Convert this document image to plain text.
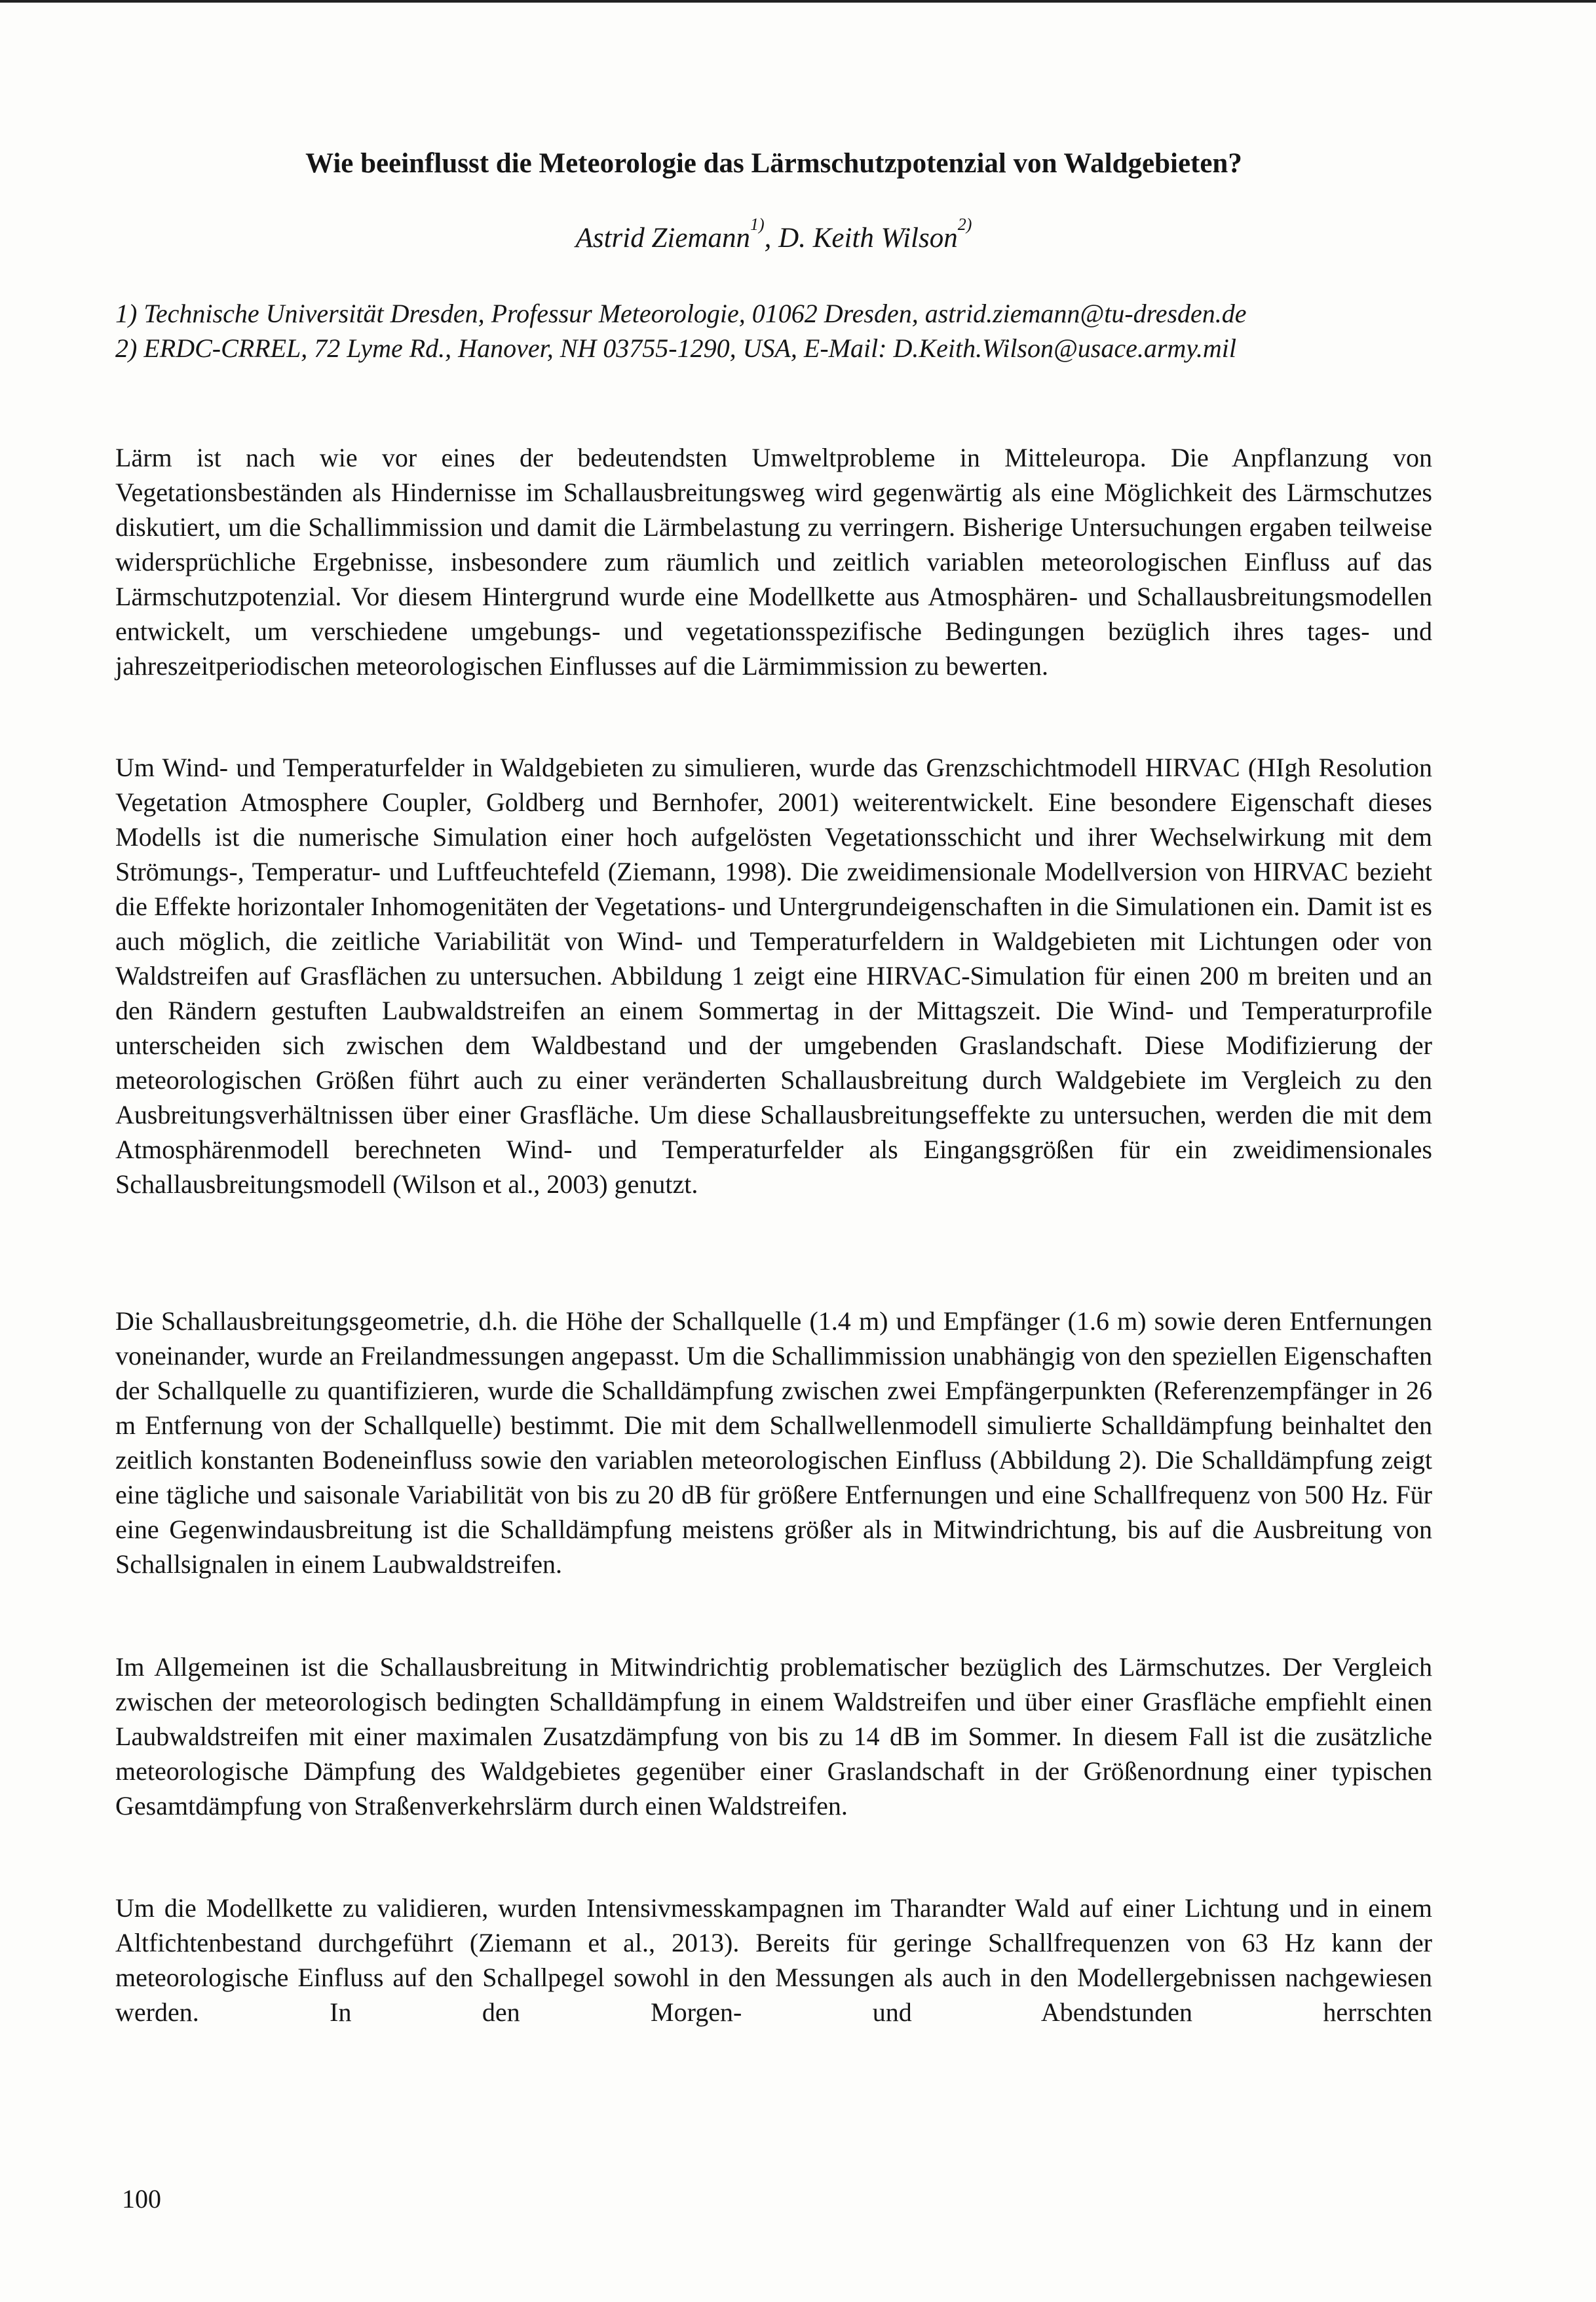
Wie beeinflusst die Meteorologie das Lärmschutzpotenzial von Waldgebieten?
Astrid Ziemann$^{1)}$, D. Keith Wilson$^{2)}$
1) Technische Universität Dresden, Professur Meteorologie, 01062 Dresden, astrid.ziemann@tu-dresden.de
2) ERDC-CRREL, 72 Lyme Rd., Hanover, NH 03755-1290, USA, E-Mail: D.Keith.Wilson@usace.army.mil

Lärm ist nach wie vor eines der bedeutendsten Umweltprobleme in Mitteleuropa. Die Anpflanzung von Vegetationsbeständen als Hindernisse im Schallausbreitungsweg wird gegenwärtig als eine Möglichkeit des Lärmschutzes diskutiert, um die Schallimmission und damit die Lärmbelastung zu verringern. Bisherige Untersuchungen ergaben teilweise widersprüchliche Ergebnisse, insbesondere zum räumlich und zeitlich variablen meteorologischen Einfluss auf das Lärmschutzpotenzial. Vor diesem Hintergrund wurde eine Modellkette aus Atmosphären- und Schallausbreitungsmodellen entwickelt, um verschiedene umgebungs- und vegetationsspezifische Bedingungen bezüglich ihres tages- und jahreszeitperiodischen meteorologischen Einflusses auf die Lärmimmission zu bewerten.

Um Wind- und Temperaturfelder in Waldgebieten zu simulieren, wurde das Grenzschichtmodell HIRVAC (HIgh Resolution Vegetation Atmosphere Coupler, Goldberg und Bernhofer, 2001) weiterentwickelt. Eine besondere Eigenschaft dieses Modells ist die numerische Simulation einer hoch aufgelösten Vegetationsschicht und ihrer Wechselwirkung mit dem Strömungs-, Temperatur- und Luftfeuchtefeld (Ziemann, 1998). Die zweidimensionale Modellversion von HIRVAC bezieht die Effekte horizontaler Inhomogenitäten der Vegetations- und Untergrundeigenschaften in die Simulationen ein. Damit ist es auch möglich, die zeitliche Variabilität von Wind- und Temperaturfeldern in Waldgebieten mit Lichtungen oder von Waldstreifen auf Grasflächen zu untersuchen. Abbildung 1 zeigt eine HIRVAC-Simulation für einen 200 m breiten und an den Rändern gestuften Laubwaldstreifen an einem Sommertag in der Mittagszeit. Die Wind- und Temperaturprofile unterscheiden sich zwischen dem Waldbestand und der umgebenden Graslandschaft. Diese Modifizierung der meteorologischen Größen führt auch zu einer veränderten Schallausbreitung durch Waldgebiete im Vergleich zu den Ausbreitungsverhältnissen über einer Grasfläche. Um diese Schallausbreitungseffekte zu untersuchen, werden die mit dem Atmosphärenmodell berechneten Wind- und Temperaturfelder als Eingangsgrößen für ein zweidimensionales Schallausbreitungsmodell (Wilson et al., 2003) genutzt.

Die Schallausbreitungsgeometrie, d.h. die Höhe der Schallquelle (1.4 m) und Empfänger (1.6 m) sowie deren Entfernungen voneinander, wurde an Freilandmessungen angepasst. Um die Schallimmission unabhängig von den speziellen Eigenschaften der Schallquelle zu quantifizieren, wurde die Schalldämpfung zwischen zwei Empfängerpunkten (Referenzempfänger in 26 m Entfernung von der Schallquelle) bestimmt. Die mit dem Schallwellenmodell simulierte Schalldämpfung beinhaltet den zeitlich konstanten Bodeneinfluss sowie den variablen meteorologischen Einfluss (Abbildung 2). Die Schalldämpfung zeigt eine tägliche und saisonale Variabilität von bis zu 20 dB für größere Entfernungen und eine Schallfrequenz von 500 Hz. Für eine Gegenwindausbreitung ist die Schalldämpfung meistens größer als in Mitwindrichtung, bis auf die Ausbreitung von Schallsignalen in einem Laubwaldstreifen.

Im Allgemeinen ist die Schallausbreitung in Mitwindrichtig problematischer bezüglich des Lärmschutzes. Der Vergleich zwischen der meteorologisch bedingten Schalldämpfung in einem Waldstreifen und über einer Grasfläche empfiehlt einen Laubwaldstreifen mit einer maximalen Zusatzdämpfung von bis zu 14 dB im Sommer. In diesem Fall ist die zusätzliche meteorologische Dämpfung des Waldgebietes gegenüber einer Graslandschaft in der Größenordnung einer typischen Gesamtdämpfung von Straßenverkehrslärm durch einen Waldstreifen.

Um die Modellkette zu validieren, wurden Intensivmesskampagnen im Tharandter Wald auf einer Lichtung und in einem Altfichtenbestand durchgeführt (Ziemann et al., 2013). Bereits für geringe Schallfrequenzen von 63 Hz kann der meteorologische Einfluss auf den Schallpegel sowohl in den Messungen als auch in den Modellergebnissen nachgewiesen werden. In den Morgen- und Abendstunden herrschten

100
